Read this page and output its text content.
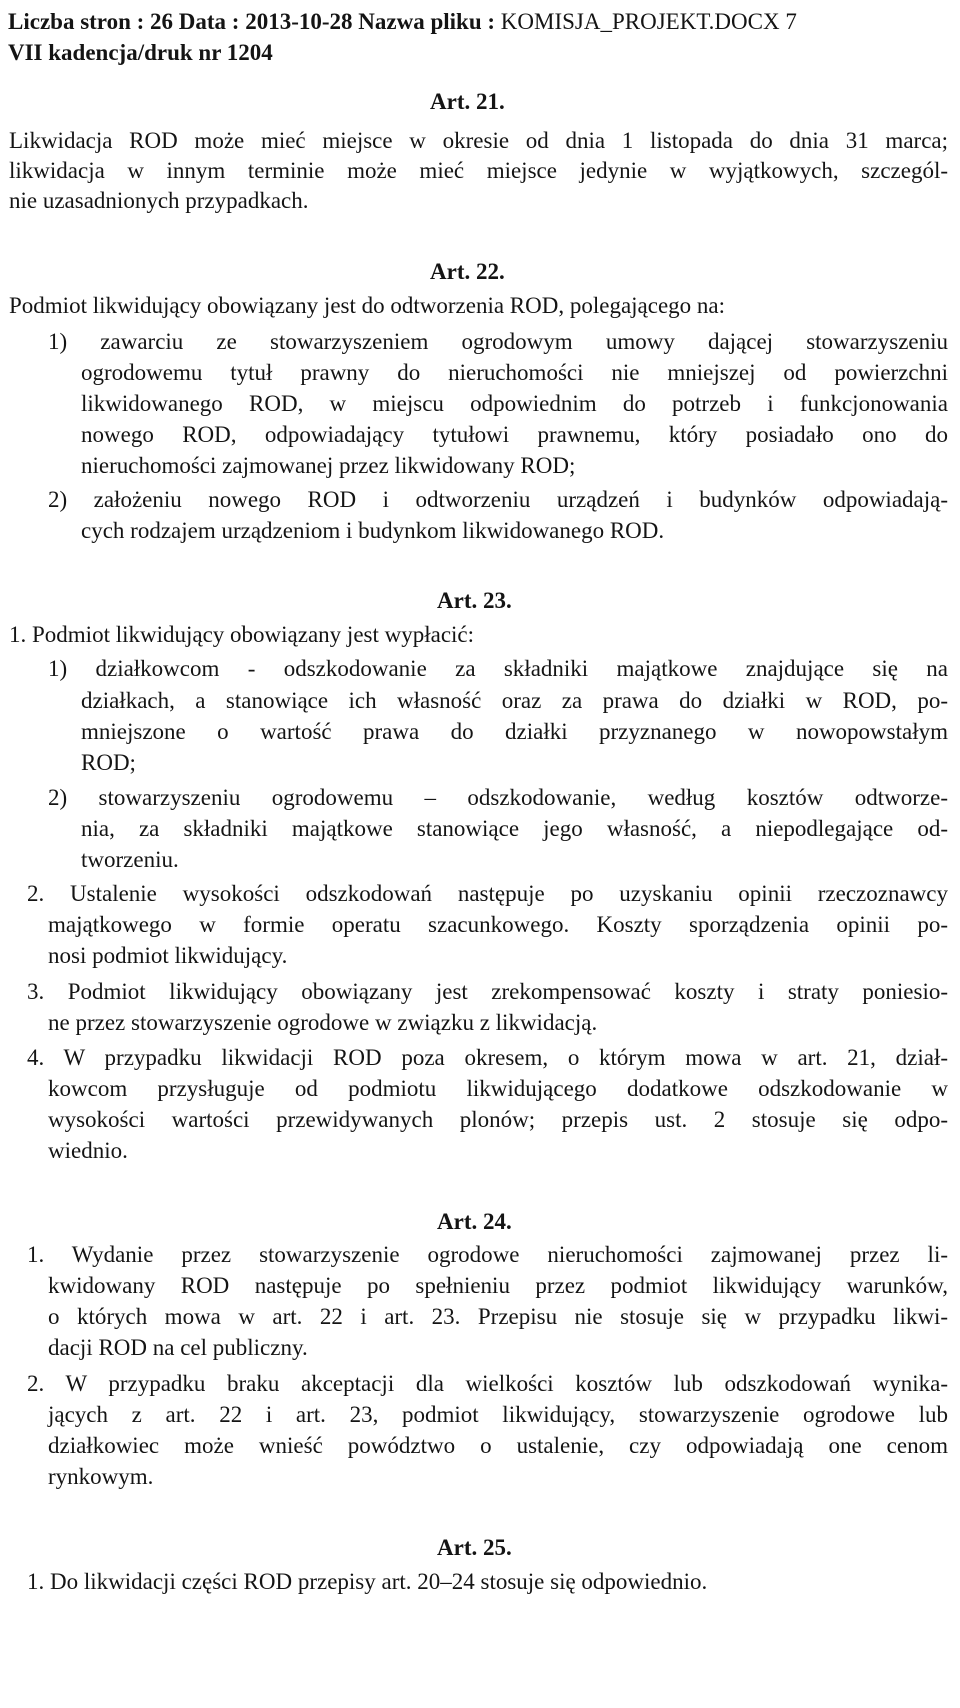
Liczba stron : 26 Data : 2013-10-28 Nazwa pliku : KOMISJA_PROJEKT.DOCX 7
VII kadencja/druk nr 1204
Art. 21.
Likwidacja ROD może mieć miejsce w okresie od dnia 1 listopada do dnia 31 marca;
likwidacja w innym terminie może mieć miejsce jedynie w wyjątkowych, szczegól-
nie uzasadnionych przypadkach.
Art. 22.
Podmiot likwidujący obowiązany jest do odtworzenia ROD, polegającego na:
1) zawarciu ze stowarzyszeniem ogrodowym umowy dającej stowarzyszeniu
ogrodowemu tytuł prawny do nieruchomości nie mniejszej od powierzchni
likwidowanego ROD, w miejscu odpowiednim do potrzeb i funkcjonowania
nowego ROD, odpowiadający tytułowi prawnemu, który posiadało ono do
nieruchomości zajmowanej przez likwidowany ROD;
2) założeniu nowego ROD i odtworzeniu urządzeń i budynków odpowiadają-
cych rodzajem urządzeniom i budynkom likwidowanego ROD.
Art. 23.
1. Podmiot likwidujący obowiązany jest wypłacić:
1) działkowcom - odszkodowanie za składniki majątkowe znajdujące się na
działkach, a stanowiące ich własność oraz za prawa do działki w ROD, po-
mniejszone o wartość prawa do działki przyznanego w nowopowstałym
ROD;
2) stowarzyszeniu ogrodowemu – odszkodowanie, według kosztów odtworze-
nia, za składniki majątkowe stanowiące jego własność, a niepodlegające od-
tworzeniu.
2. Ustalenie wysokości odszkodowań następuje po uzyskaniu opinii rzeczoznawcy
majątkowego w formie operatu szacunkowego. Koszty sporządzenia opinii po-
nosi podmiot likwidujący.
3. Podmiot likwidujący obowiązany jest zrekompensować koszty i straty poniesio-
ne przez stowarzyszenie ogrodowe w związku z likwidacją.
4. W przypadku likwidacji ROD poza okresem, o którym mowa w art. 21, dział-
kowcom przysługuje od podmiotu likwidującego dodatkowe odszkodowanie w
wysokości wartości przewidywanych plonów; przepis ust. 2 stosuje się odpo-
wiednio.
Art. 24.
1. Wydanie przez stowarzyszenie ogrodowe nieruchomości zajmowanej przez li-
kwidowany ROD następuje po spełnieniu przez podmiot likwidujący warunków,
o których mowa w art. 22 i art. 23. Przepisu nie stosuje się w przypadku likwi-
dacji ROD na cel publiczny.
2. W przypadku braku akceptacji dla wielkości kosztów lub odszkodowań wynika-
jących z art. 22 i art. 23, podmiot likwidujący, stowarzyszenie ogrodowe lub
działkowiec może wnieść powództwo o ustalenie, czy odpowiadają one cenom
rynkowym.
Art. 25.
1. Do likwidacji części ROD przepisy art. 20–24 stosuje się odpowiednio.
